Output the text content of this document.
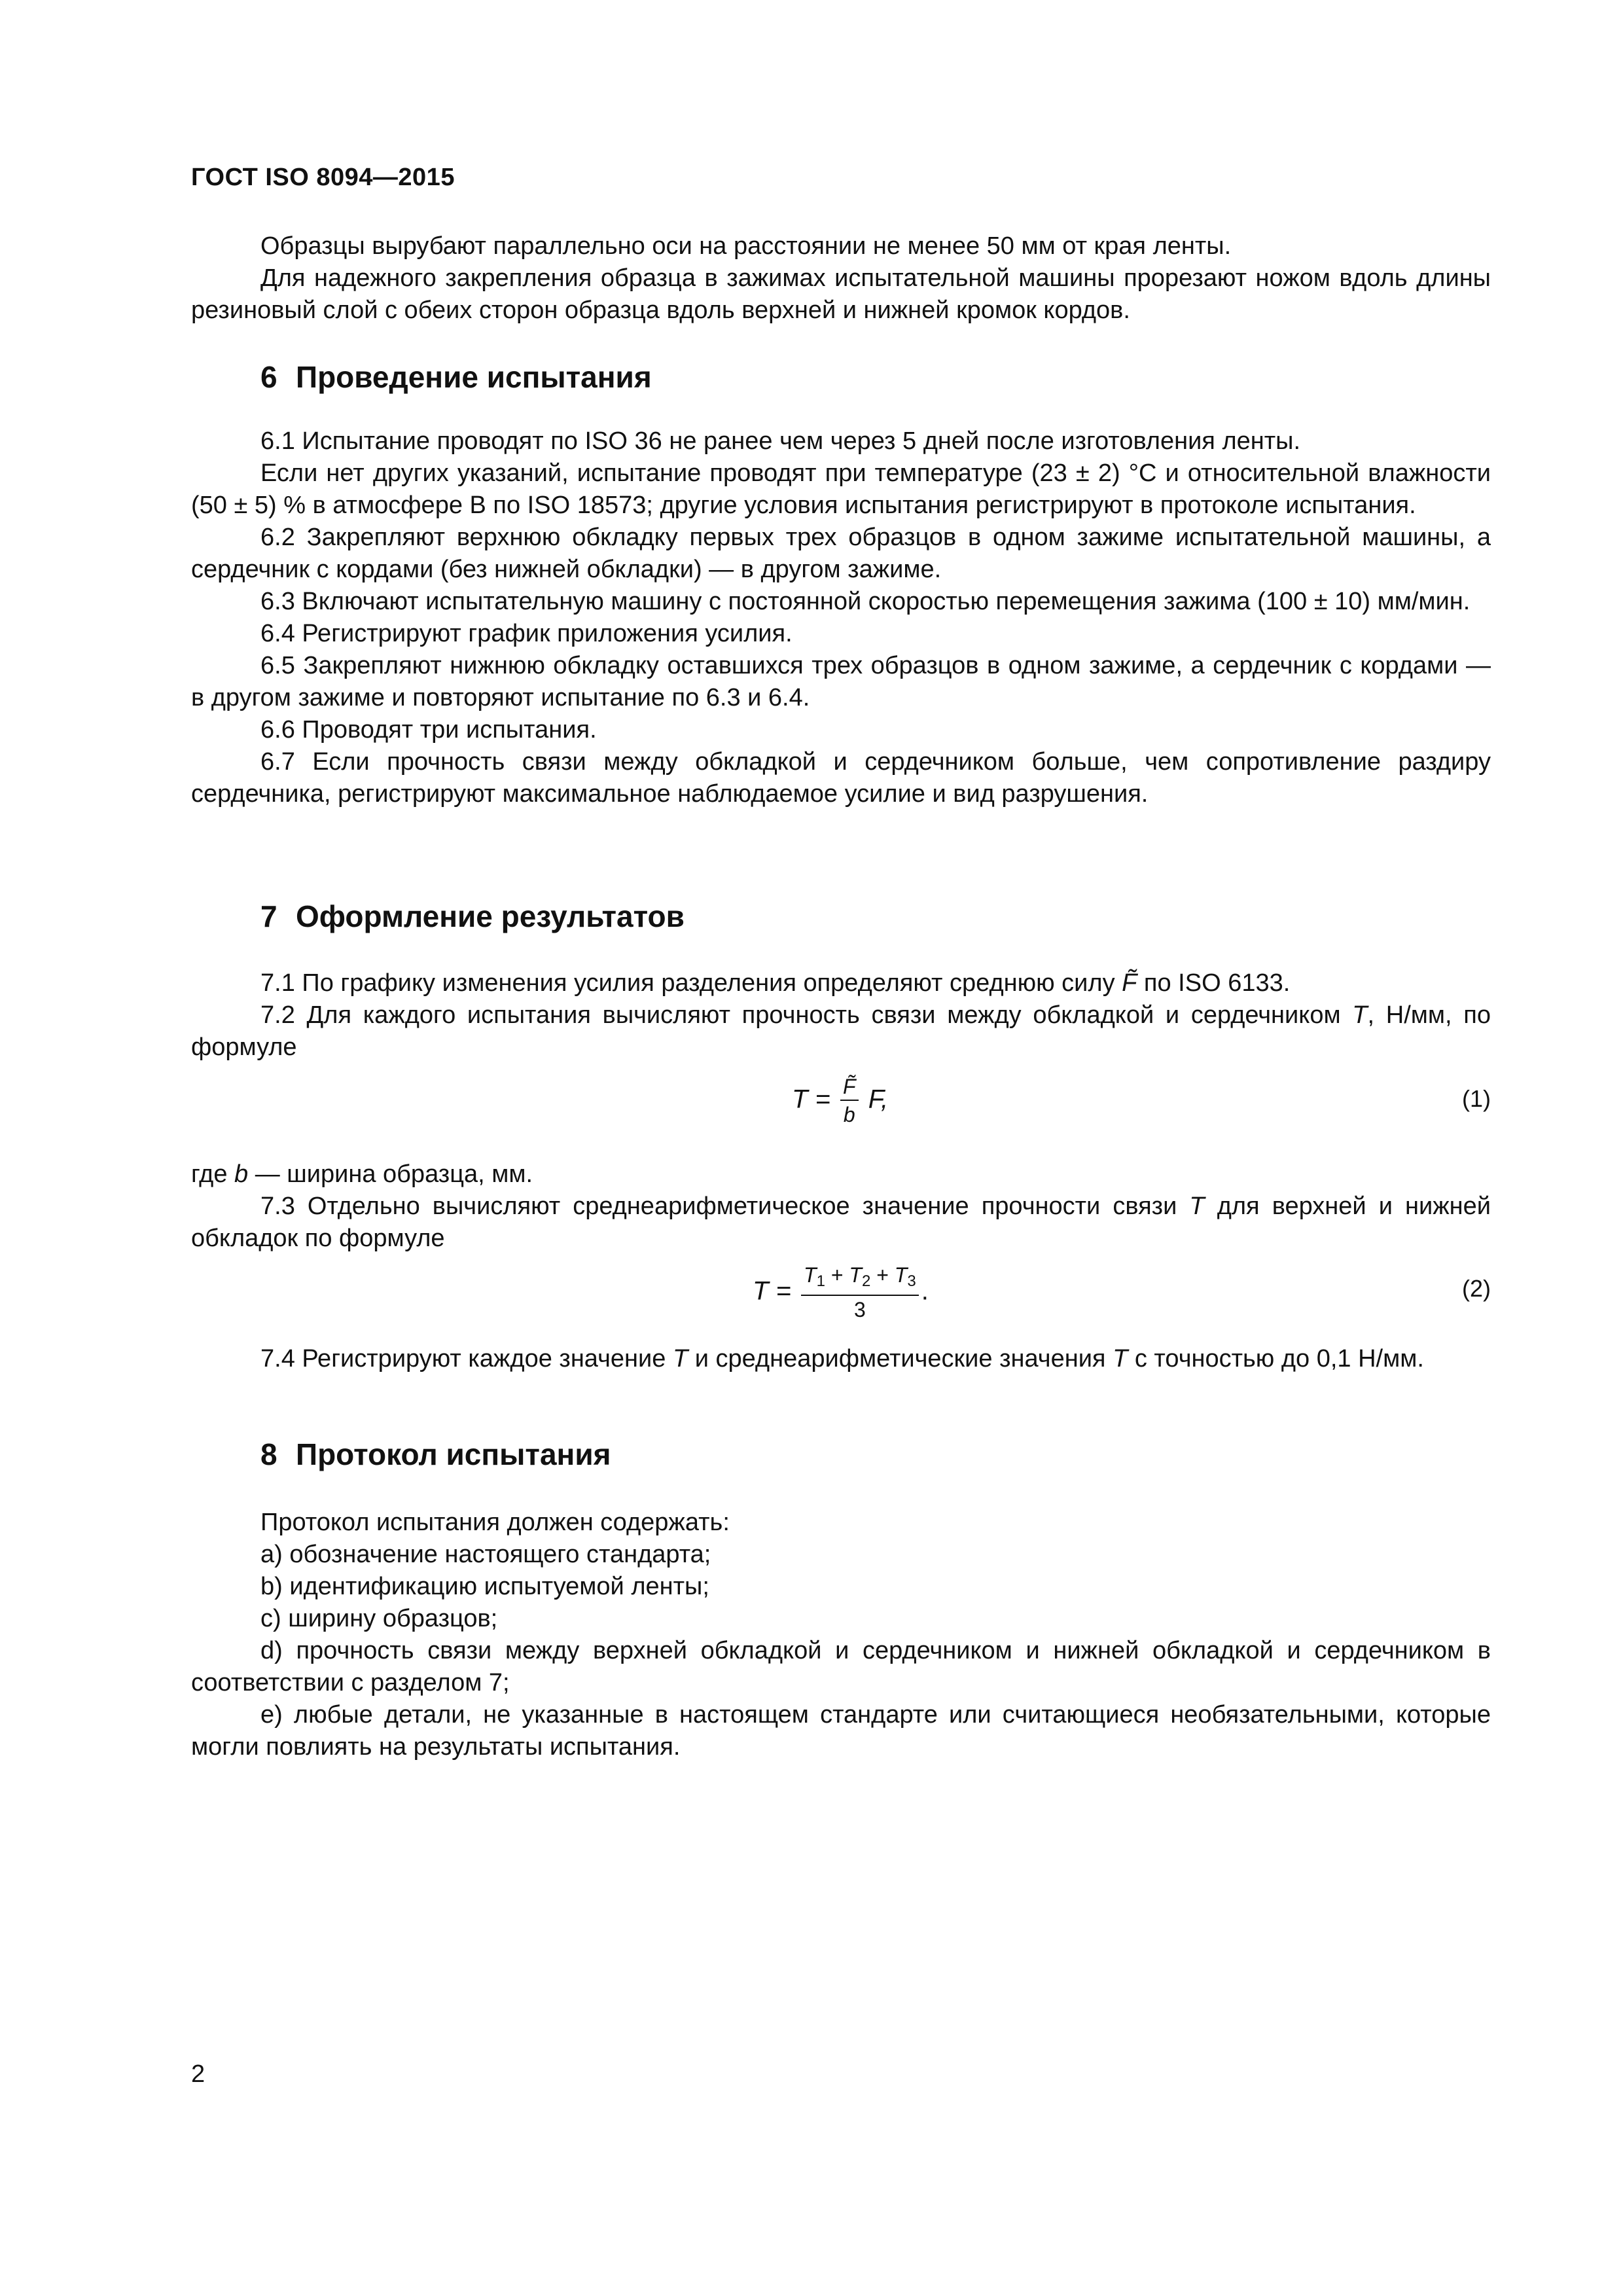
ГОСТ ISO 8094—2015

Образцы вырубают параллельно оси на расстоянии не менее 50 мм от края ленты.

Для надежного закрепления образца в зажимах испытательной машины прорезают ножом вдоль длины резиновый слой с обеих сторон образца вдоль верхней и нижней кромок кордов.

6 Проведение испытания

6.1 Испытание проводят по ISO 36 не ранее чем через 5 дней после изготовления ленты.

Если нет других указаний, испытание проводят при температуре (23 ± 2) °С и относительной влажности (50 ± 5) % в атмосфере В по ISO 18573; другие условия испытания регистрируют в протоколе испытания.

6.2 Закрепляют верхнюю обкладку первых трех образцов в одном зажиме испытательной машины, а сердечник с кордами (без нижней обкладки) — в другом зажиме.

6.3 Включают испытательную машину с постоянной скоростью перемещения зажима (100 ± 10) мм/мин.

6.4 Регистрируют график приложения усилия.

6.5 Закрепляют нижнюю обкладку оставшихся трех образцов в одном зажиме, а сердечник с кордами — в другом зажиме и повторяют испытание по 6.3 и 6.4.

6.6 Проводят три испытания.

6.7 Если прочность связи между обкладкой и сердечником больше, чем сопротивление раздиру сердечника, регистрируют максимальное наблюдаемое усилие и вид разрушения.

7 Оформление результатов

7.1 По графику изменения усилия разделения определяют среднюю силу F̃ по ISO 6133.

7.2 Для каждого испытания вычисляют прочность связи между обкладкой и сердечником T, Н/мм, по формуле

$T = \frac{F̃}{b} F$,	(1)

где b — ширина образца, мм.

7.3 Отдельно вычисляют среднеарифметическое значение прочности связи T для верхней и нижней обкладок по формуле

$T = \frac{T_1 + T_2 + T_3}{3}$ .	(2)

7.4 Регистрируют каждое значение T и среднеарифметические значения T с точностью до 0,1 Н/мм.

8 Протокол испытания

Протокол испытания должен содержать:

a) обозначение настоящего стандарта;

b) идентификацию испытуемой ленты;

c) ширину образцов;

d) прочность связи между верхней обкладкой и сердечником и нижней обкладкой и сердечником в соответствии с разделом 7;

e) любые детали, не указанные в настоящем стандарте или считающиеся необязательными, которые могли повлиять на результаты испытания.

2
